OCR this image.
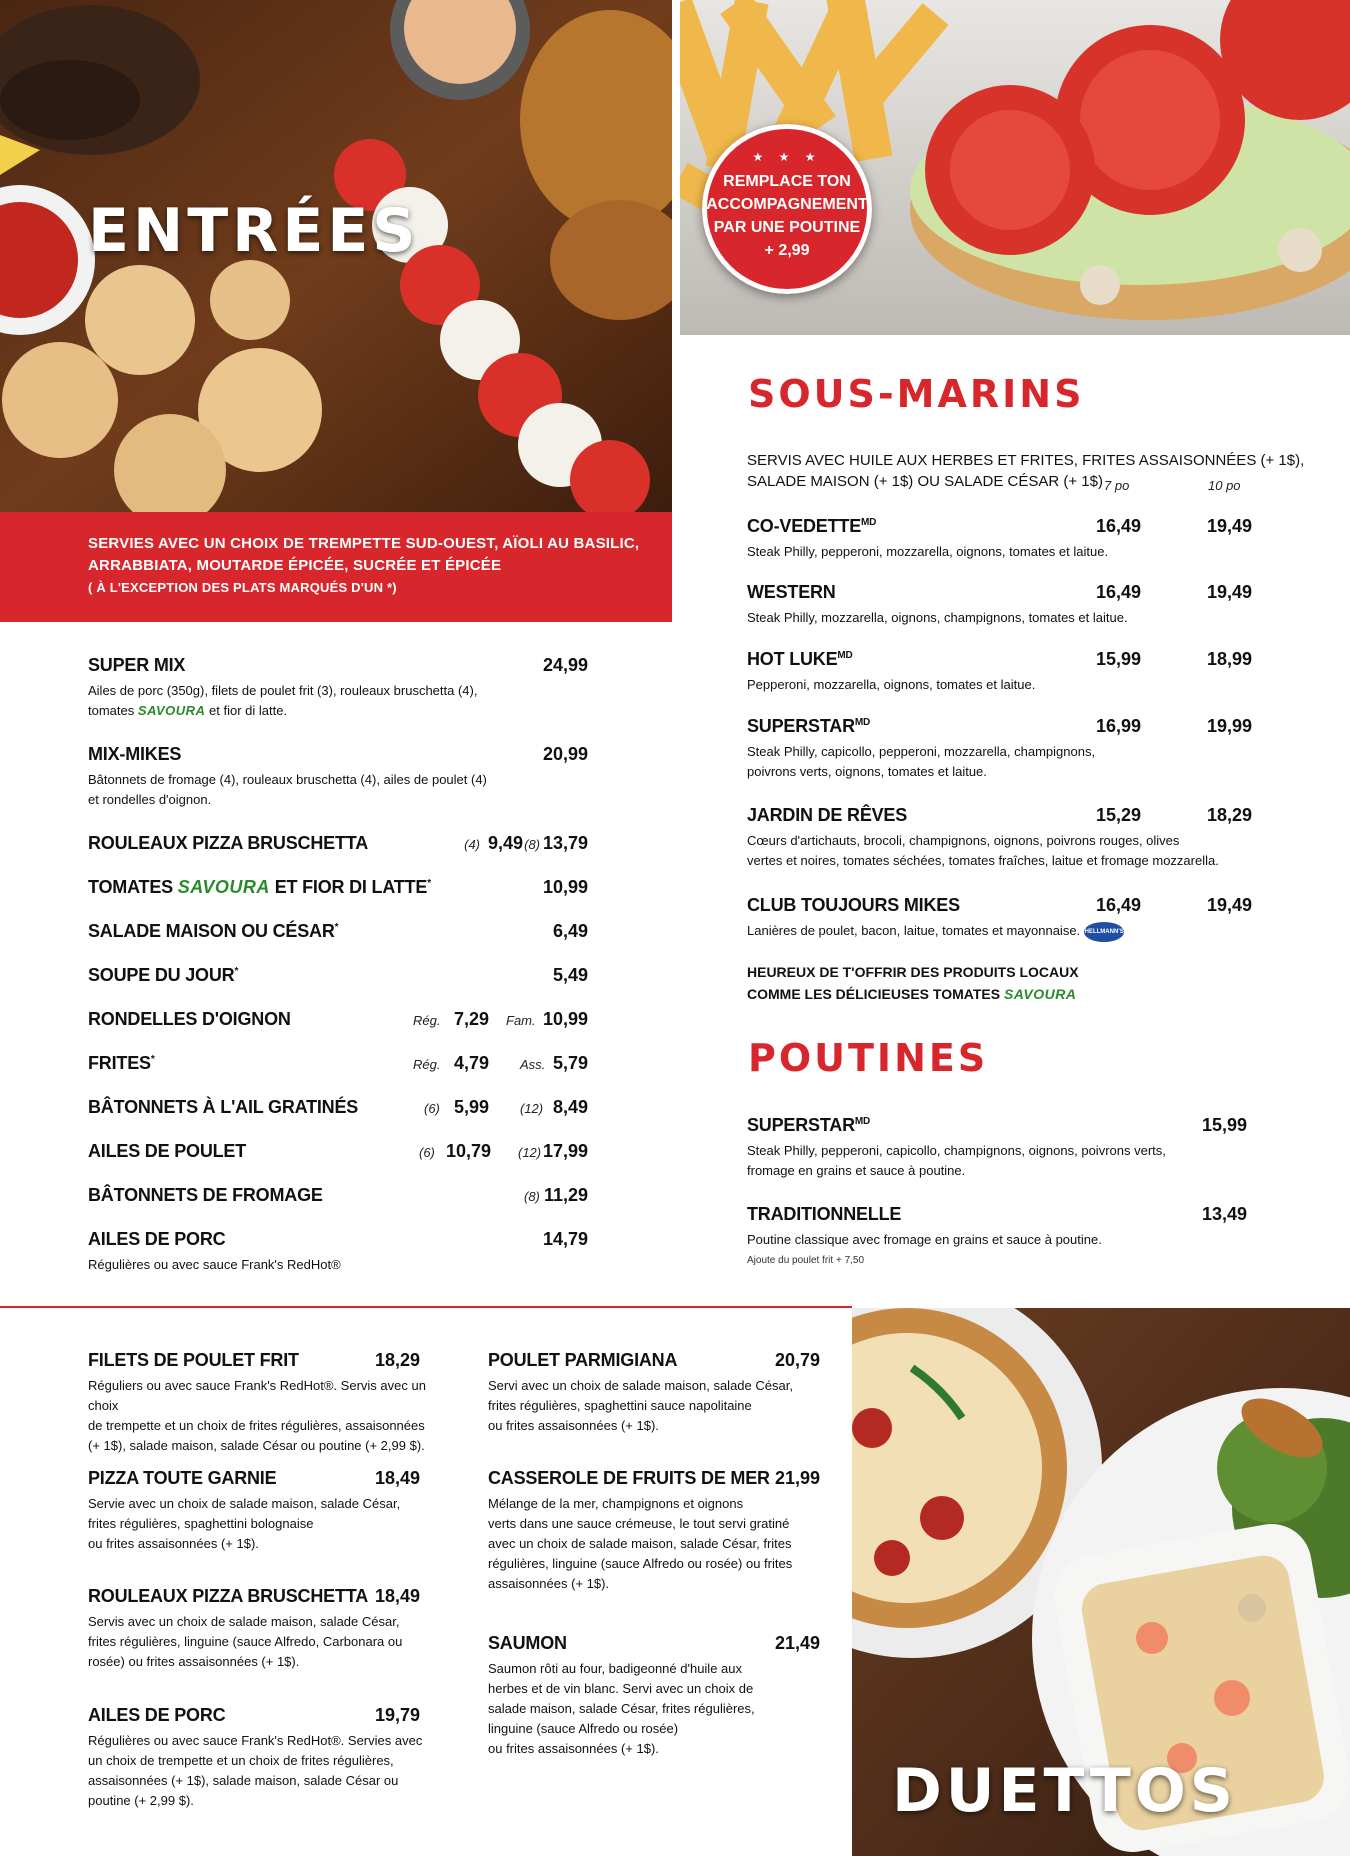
ENTRÉES
SERVIES AVEC UN CHOIX DE TREMPETTE SUD-OUEST, AÏOLI AU BASILIC,
ARRABBIATA, MOUTARDE ÉPICÉE, SUCRÉE ET ÉPICÉE
( À L'EXCEPTION DES PLATS MARQUÉS D'UN *)
SUPER MIX	24,99
Ailes de porc (350g), filets de poulet frit (3), rouleaux bruschetta (4),
tomates SAVOURA et fior di latte.
MIX-MIKES	20,99
Bâtonnets de fromage (4), rouleaux bruschetta (4), ailes de poulet (4)
et rondelles d'oignon.
ROULEAUX PIZZA BRUSCHETTA	(4) 9,49 (8) 13,79
TOMATES SAVOURA ET FIOR DI LATTE*	10,99
SALADE MAISON OU CÉSAR*	6,49
SOUPE DU JOUR*	5,49
RONDELLES D'OIGNON	Rég. 7,29 Fam. 10,99
FRITES*	Rég. 4,79 Ass. 5,79
BÂTONNETS À L'AIL GRATINÉS	(6) 5,99 (12) 8,49
AILES DE POULET	(6) 10,79 (12) 17,99
BÂTONNETS DE FROMAGE	(8) 11,29
AILES DE PORC	14,79
Régulières ou avec sauce Frank's RedHot®
★ ★ ★
REMPLACE TON
ACCOMPAGNEMENT
PAR UNE POUTINE
+ 2,99
SOUS-MARINS
SERVIS AVEC HUILE AUX HERBES ET FRITES, FRITES ASSAISONNÉES (+ 1$),
SALADE MAISON (+ 1$) OU SALADE CÉSAR (+ 1$) 7 po	10 po
$CO-VEDETTE^{MD}$	16,49	19,49
Steak Philly, pepperoni, mozzarella, oignons, tomates et laitue.
WESTERN	16,49	19,49
Steak Philly, mozzarella, oignons, champignons, tomates et laitue.
HOT $LUKE^{MD}$	15,99	18,99
Pepperoni, mozzarella, oignons, tomates et laitue.
$SUPERSTAR^{MD}$	16,99	19,99
Steak Philly, capicollo, pepperoni, mozzarella, champignons,
poivrons verts, oignons, tomates et laitue.
JARDIN DE RÊVES	15,29	18,29
Cœurs d'artichauts, brocoli, champignons, oignons, poivrons rouges, olives
vertes et noires, tomates séchées, tomates fraîches, laitue et fromage mozzarella.
CLUB TOUJOURS MIKES	16,49	19,49
Lanières de poulet, bacon, laitue, tomates et mayonnaise. HELLMANN'S
HEUREUX DE T'OFFRIR DES PRODUITS LOCAUX
COMME LES DÉLICIEUSES TOMATES SAVOURA
POUTINES
$SUPERSTAR^{MD}$	15,99
Steak Philly, pepperoni, capicollo, champignons, oignons, poivrons verts,
fromage en grains et sauce à poutine.
TRADITIONNELLE	13,49
Poutine classique avec fromage en grains et sauce à poutine.
Ajoute du poulet frit + 7,50
FILETS DE POULET FRIT	18,29
Réguliers ou avec sauce Frank's RedHot®. Servis avec un choix
de trempette et un choix de frites régulières, assaisonnées
(+ 1$), salade maison, salade César ou poutine (+ 2,99 $).
PIZZA TOUTE GARNIE	18,49
Servie avec un choix de salade maison, salade César,
frites régulières, spaghettini bolognaise
ou frites assaisonnées (+ 1$).
ROULEAUX PIZZA BRUSCHETTA 18,49
Servis avec un choix de salade maison, salade César,
frites régulières, linguine (sauce Alfredo, Carbonara ou
rosée) ou frites assaisonnées (+ 1$).
AILES DE PORC	19,79
Régulières ou avec sauce Frank's RedHot®. Servies avec
un choix de trempette et un choix de frites régulières,
assaisonnées (+ 1$), salade maison, salade César ou
poutine (+ 2,99 $).
POULET PARMIGIANA	20,79
Servi avec un choix de salade maison, salade César,
frites régulières, spaghettini sauce napolitaine
ou frites assaisonnées (+ 1$).
CASSEROLE DE FRUITS DE MER 21,99
Mélange de la mer, champignons et oignons
verts dans une sauce crémeuse, le tout servi gratiné
avec un choix de salade maison, salade César, frites
régulières, linguine (sauce Alfredo ou rosée) ou frites
assaisonnées (+ 1$).
SAUMON	21,49
Saumon rôti au four, badigeonné d'huile aux
herbes et de vin blanc. Servi avec un choix de
salade maison, salade César, frites régulières,
linguine (sauce Alfredo ou rosée)
ou frites assaisonnées (+ 1$).
DUETTOS
